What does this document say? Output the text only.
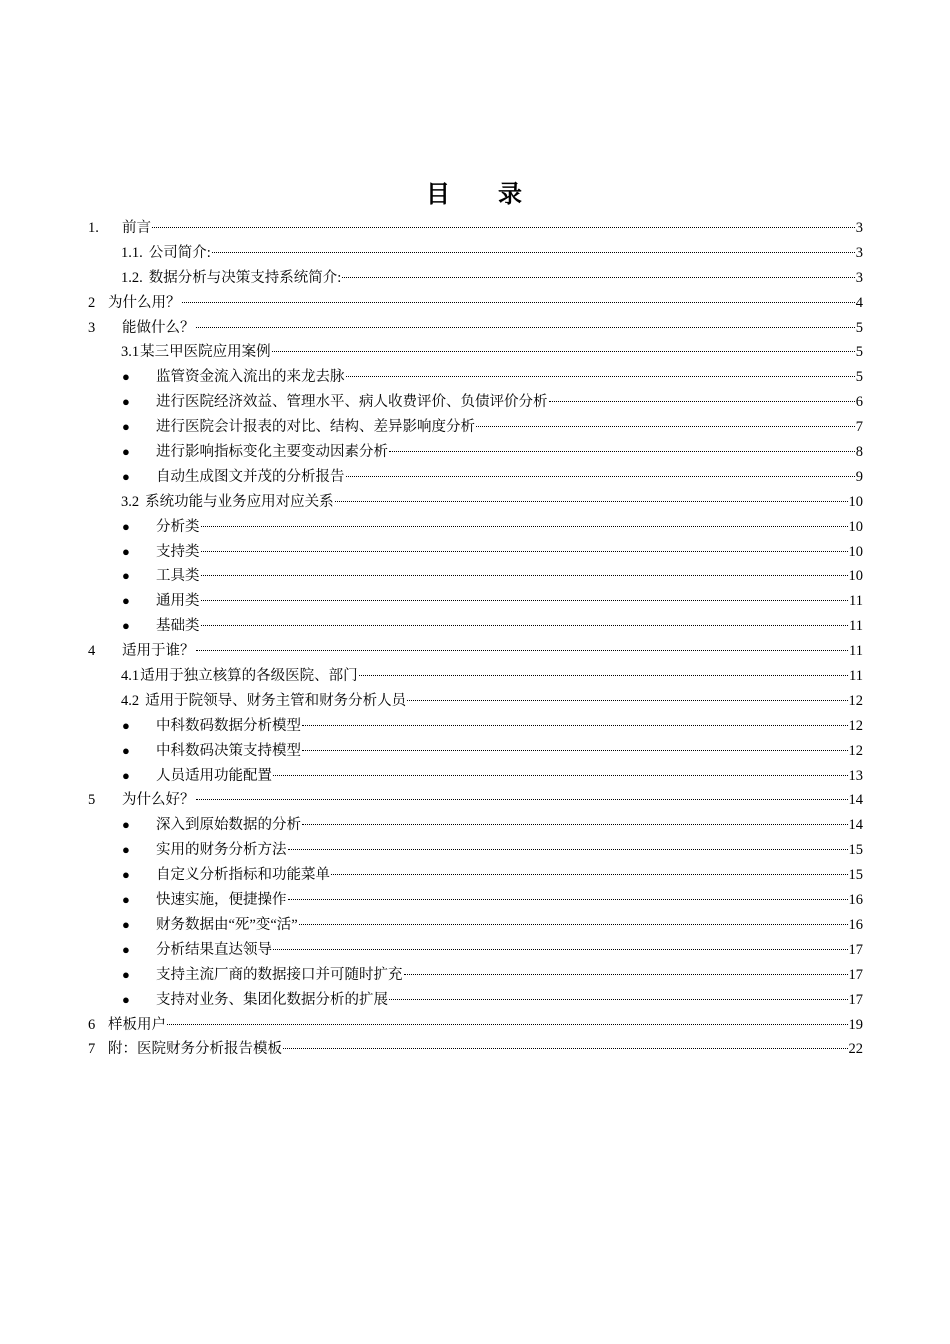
目 录
1.	前言	3
1.1. 公司简介:	3
1.2. 数据分析与决策支持系统简介:	3
2 为什么用？	4
3	能做什么？	5
3.1 某三甲医院应用案例	5
●	监管资金流入流出的来龙去脉	5
●	进行医院经济效益、管理水平、病人收费评价、负债评价分析	6
●	进行医院会计报表的对比、结构、差异影响度分析	7
●	进行影响指标变化主要变动因素分析	8
●	自动生成图文并茂的分析报告	9
3.2 系统功能与业务应用对应关系	10
●	分析类	10
●	支持类	10
●	工具类	10
●	通用类	11
●	基础类	11
4	适用于谁？	11
4.1 适用于独立核算的各级医院、部门	11
4.2 适用于院领导、财务主管和财务分析人员	12
●	中科数码数据分析模型	12
●	中科数码决策支持模型	12
●	人员适用功能配置	13
5	为什么好？	14
●	深入到原始数据的分析	14
●	实用的财务分析方法	15
●	自定义分析指标和功能菜单	15
●	快速实施，便捷操作	16
●	财务数据由“死”变“活”	16
●	分析结果直达领导	17
●	支持主流厂商的数据接口并可随时扩充	17
●	支持对业务、集团化数据分析的扩展	17
6 样板用户	19
7 附：医院财务分析报告模板	22
